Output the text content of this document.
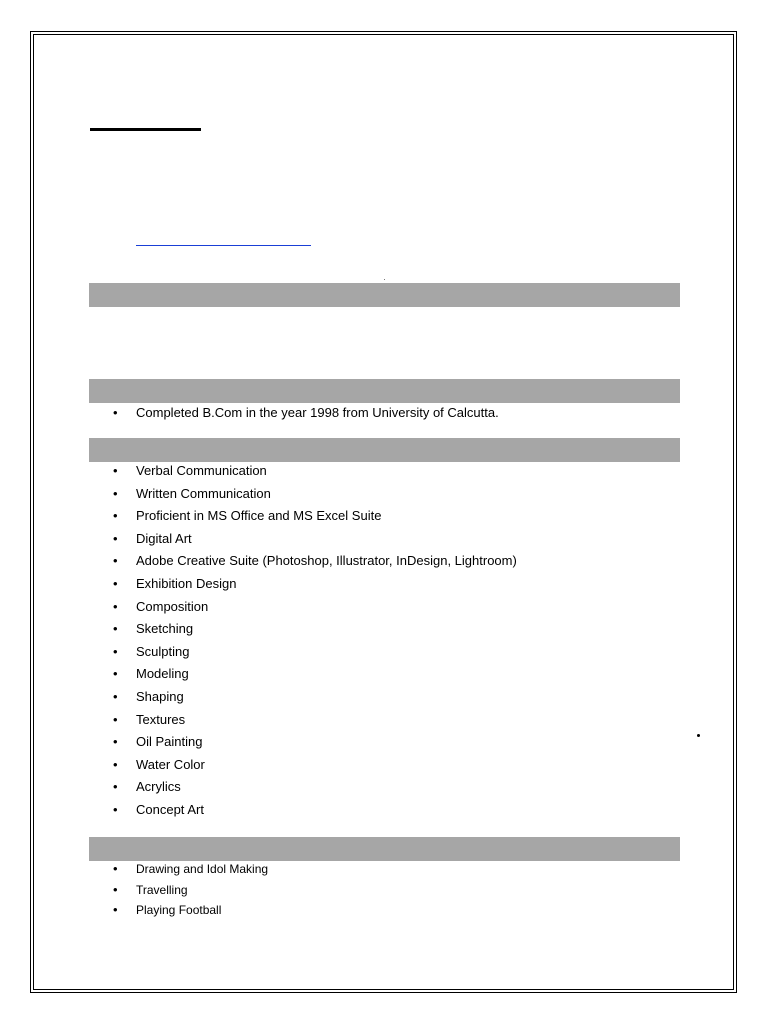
• Completed B.Com in the year 1998 from University of Calcutta.
• Verbal Communication
• Written Communication
• Proficient in MS Office and MS Excel Suite
• Digital Art
• Adobe Creative Suite (Photoshop, Illustrator, InDesign, Lightroom)
• Exhibition Design
• Composition
• Sketching
• Sculpting
• Modeling
• Shaping
• Textures
• Oil Painting
• Water Color
• Acrylics
• Concept Art
• Drawing and Idol Making
• Travelling
• Playing Football
